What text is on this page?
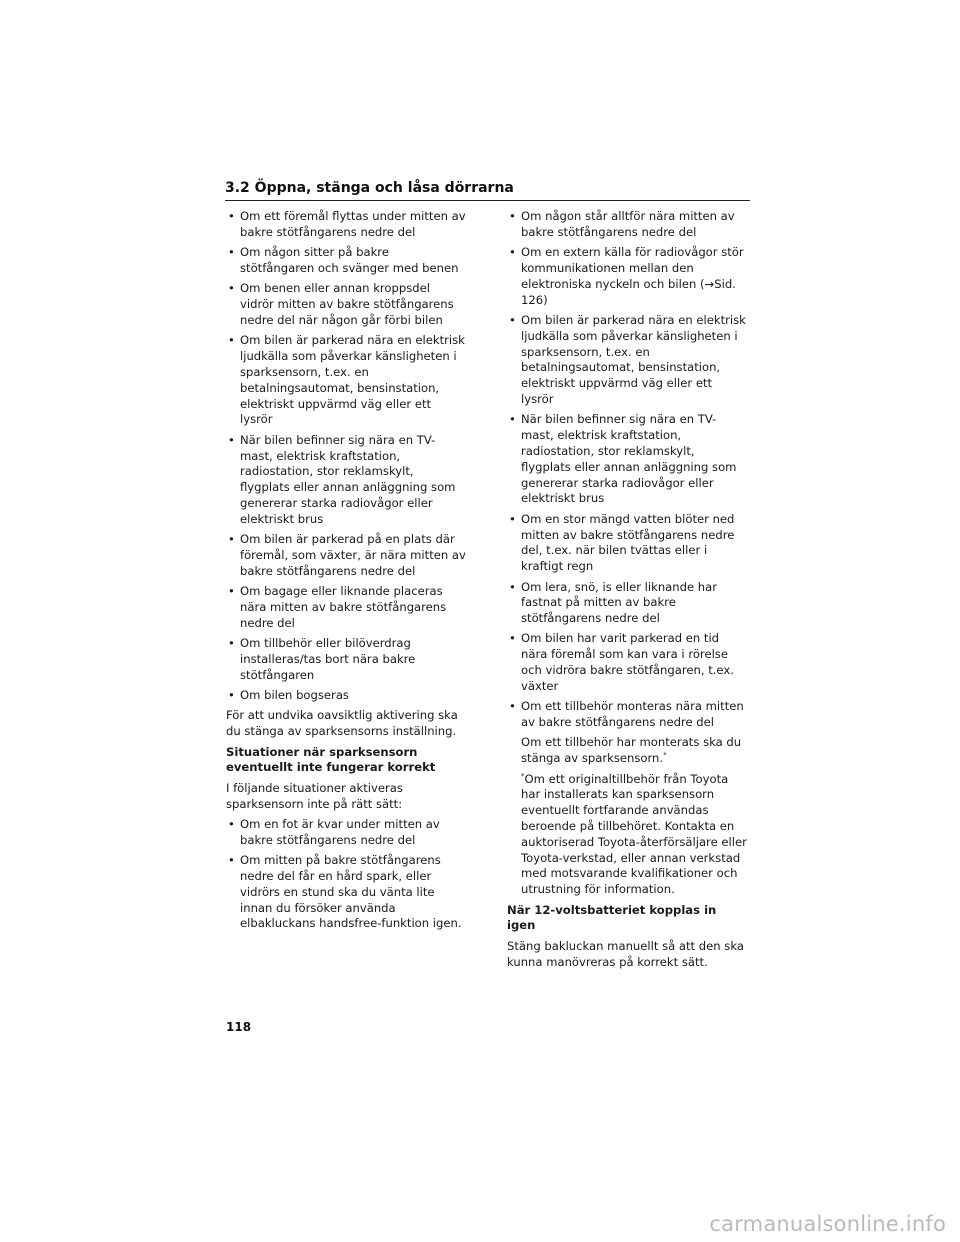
3.2 Öppna, stänga och låsa dörrarna
• Om ett föremål flyttas under mitten av bakre stötfångarens nedre del
• Om någon sitter på bakre stötfångaren och svänger med benen
• Om benen eller annan kroppsdel vidrör mitten av bakre stötfångarens nedre del när någon går förbi bilen
• Om bilen är parkerad nära en elektrisk ljudkälla som påverkar känsligheten i sparksensorn, t.ex. en betalningsautomat, bensinstation, elektriskt uppvärmd väg eller ett lysrör
• När bilen befinner sig nära en TV-mast, elektrisk kraftstation, radiostation, stor reklamskylt, flygplats eller annan anläggning som genererar starka radiovågor eller elektriskt brus
• Om bilen är parkerad på en plats där föremål, som växter, är nära mitten av bakre stötfångarens nedre del
• Om bagage eller liknande placeras nära mitten av bakre stötfångarens nedre del
• Om tillbehör eller bilöverdrag installeras/tas bort nära bakre stötfångaren
• Om bilen bogseras

För att undvika oavsiktlig aktivering ska du stänga av sparksensorns inställning.

Situationer när sparksensorn eventuellt inte fungerar korrekt

I följande situationer aktiveras sparksensorn inte på rätt sätt:

• Om en fot är kvar under mitten av bakre stötfångarens nedre del
• Om mitten på bakre stötfångarens nedre del får en hård spark, eller vidrörs en stund ska du vänta lite innan du försöker använda elbakluckans handsfree-funktion igen.
• Om någon står alltför nära mitten av bakre stötfångarens nedre del
• Om en extern källa för radiovågor stör kommunikationen mellan den elektroniska nyckeln och bilen (→Sid. 126)
• Om bilen är parkerad nära en elektrisk ljudkälla som påverkar känsligheten i sparksensorn, t.ex. en betalningsautomat, bensinstation, elektriskt uppvärmd väg eller ett lysrör
• När bilen befinner sig nära en TV-mast, elektrisk kraftstation, radiostation, stor reklamskylt, flygplats eller annan anläggning som genererar starka radiovågor eller elektriskt brus
• Om en stor mängd vatten blöter ned mitten av bakre stötfångarens nedre del, t.ex. när bilen tvättas eller i kraftigt regn
• Om lera, snö, is eller liknande har fastnat på mitten av bakre stötfångarens nedre del
• Om bilen har varit parkerad en tid nära föremål som kan vara i rörelse och vidröra bakre stötfångaren, t.ex. växter
• Om ett tillbehör monteras nära mitten av bakre stötfångarens nedre del

Om ett tillbehör har monterats ska du stänga av sparksensorn.*

*Om ett originaltillbehör från Toyota har installerats kan sparksensorn eventuellt fortfarande användas beroende på tillbehöret. Kontakta en auktoriserad Toyota-återförsäljare eller Toyota-verkstad, eller annan verkstad med motsvarande kvalifikationer och utrustning för information.

När 12-voltsbatteriet kopplas in igen

Stäng bakluckan manuellt så att den ska kunna manövreras på korrekt sätt.

118
carmanualsonline.info
